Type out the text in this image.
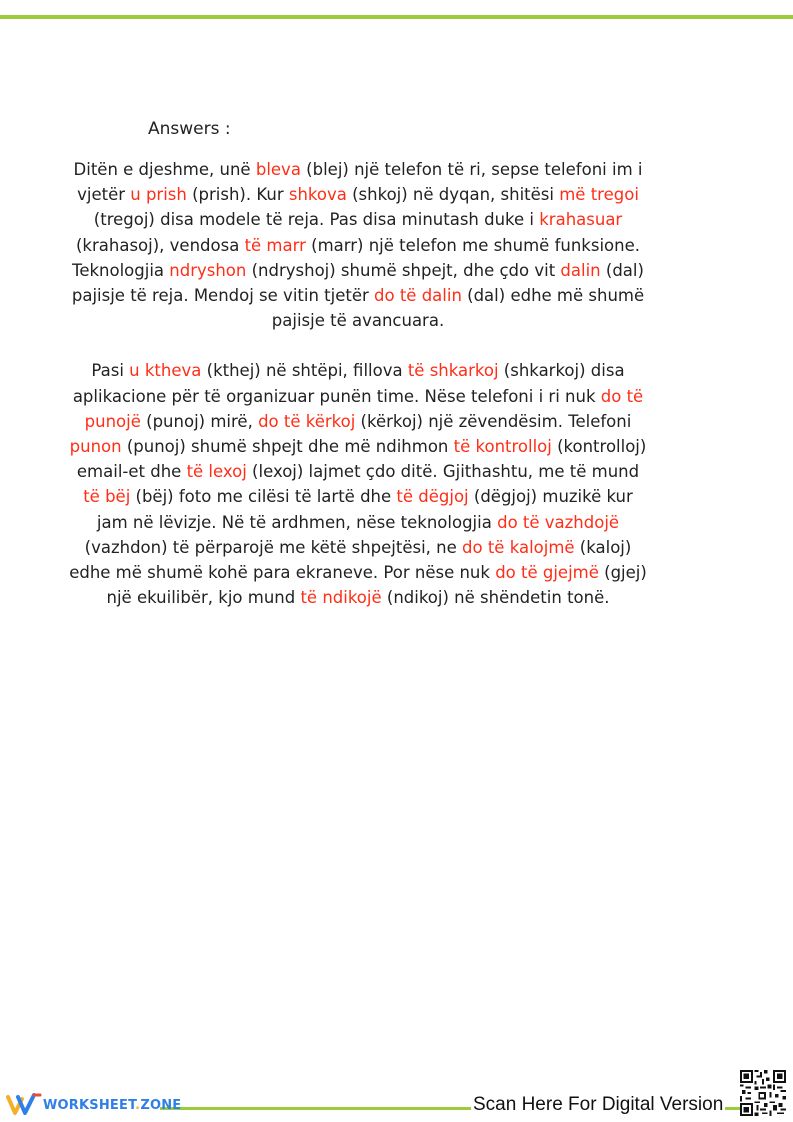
Answers :

Ditën e djeshme, unë bleva (blej) një telefon të ri, sepse telefoni im i vjetër u prish (prish). Kur shkova (shkoj) në dyqan, shitësi më tregoi (tregoj) disa modele të reja. Pas disa minutash duke i krahasuar (krahasoj), vendosa të marr (marr) një telefon me shumë funksione. Teknologjia ndryshon (ndryshoj) shumë shpejt, dhe çdo vit dalin (dal) pajisje të reja. Mendoj se vitin tjetër do të dalin (dal) edhe më shumë pajisje të avancuara.

Pasi u ktheva (kthej) në shtëpi, fillova të shkarkoj (shkarkoj) disa aplikacione për të organizuar punën time. Nëse telefoni i ri nuk do të punojë (punoj) mirë, do të kërkoj (kërkoj) një zëvendësim. Telefoni punon (punoj) shumë shpejt dhe më ndihmon të kontrolloj (kontrolloj) email-et dhe të lexoj (lexoj) lajmet çdo ditë. Gjithashtu, me të mund të bëj (bëj) foto me cilësi të lartë dhe të dëgjoj (dëgjoj) muzikë kur jam në lëvizje. Në të ardhmen, nëse teknologjia do të vazhdojë (vazhdon) të përparojë me këtë shpejtësi, ne do të kalojmë (kaloj) edhe më shumë kohë para ekraneve. Por nëse nuk do të gjejmë (gjej) një ekuilibër, kjo mund të ndikojë (ndikoj) në shëndetin tonë.

WORKSHEET.ZONE	Scan Here For Digital Version
